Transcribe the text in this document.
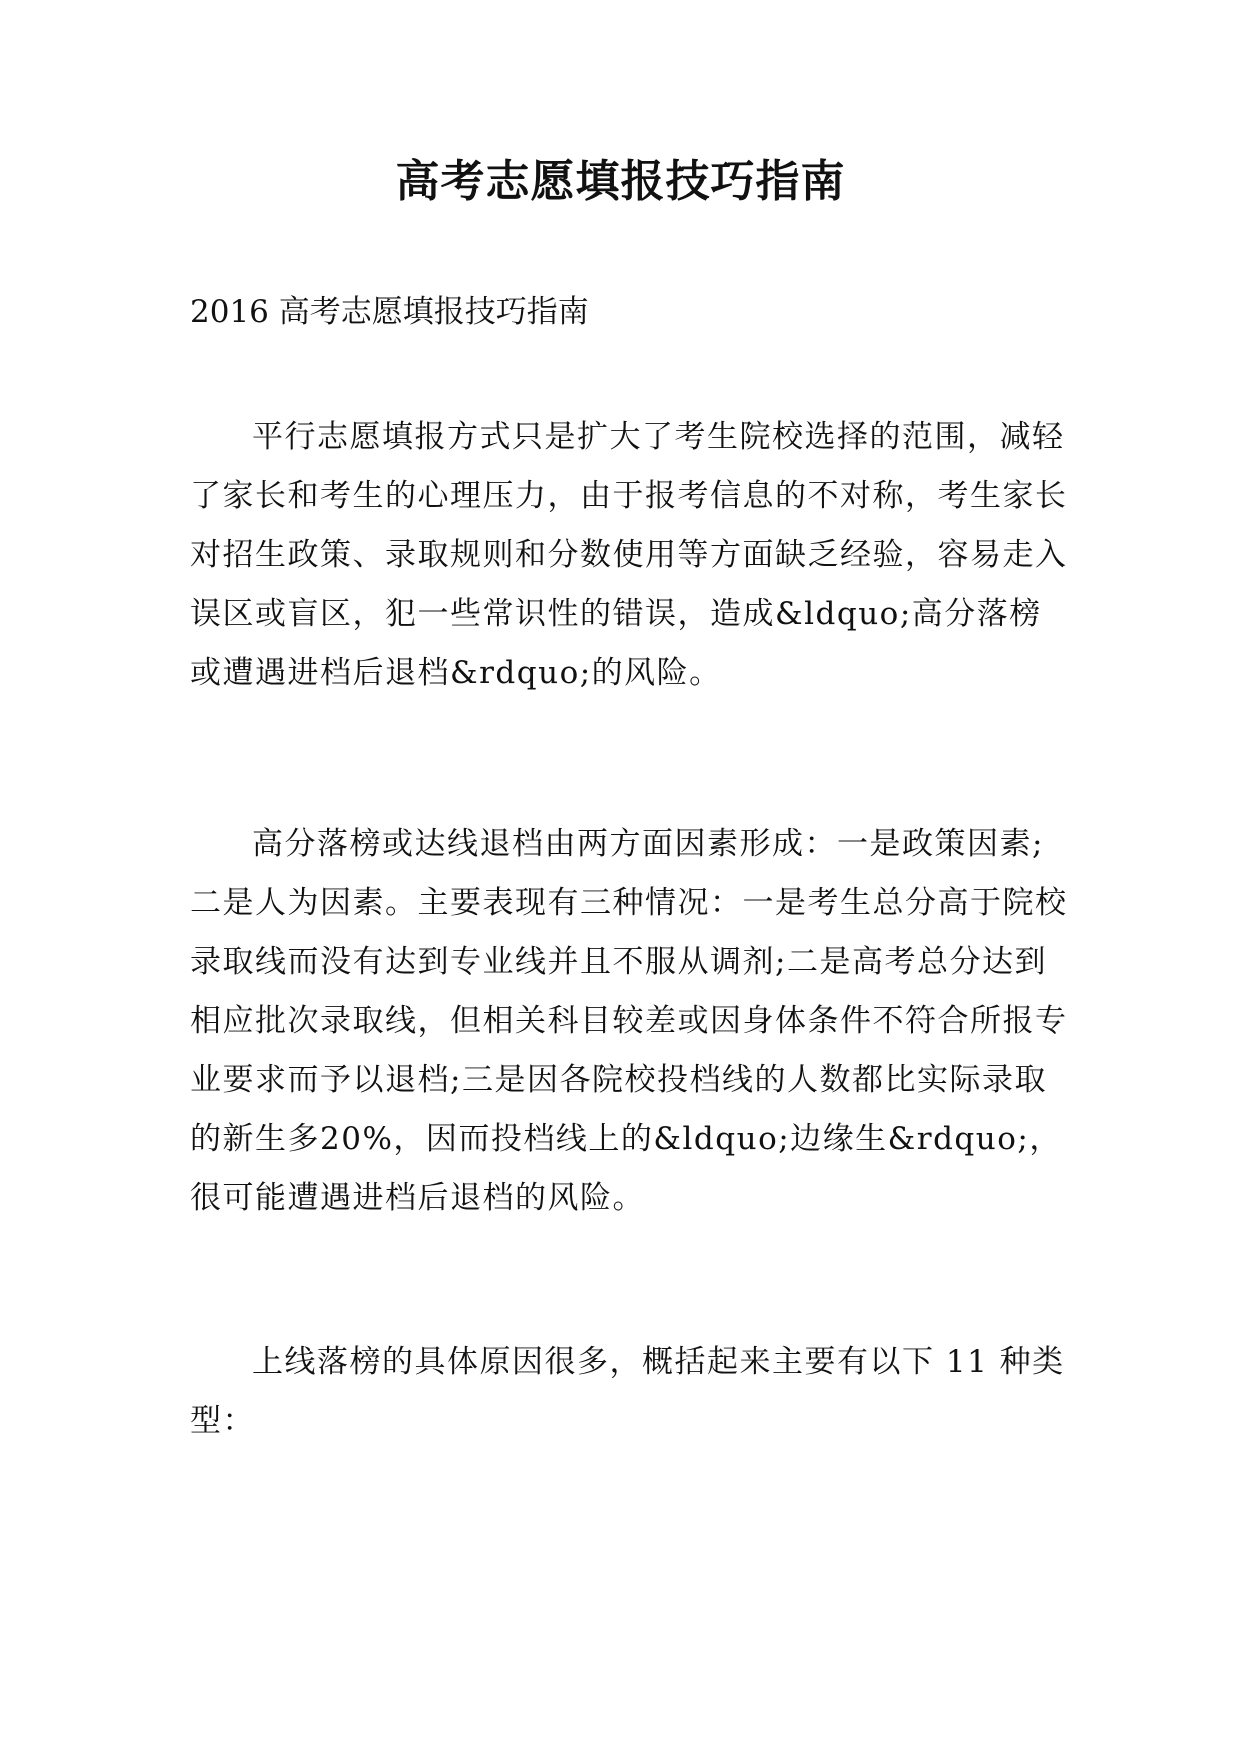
高考志愿填报技巧指南

2016 高考志愿填报技巧指南

平行志愿填报方式只是扩大了考生院校选择的范围，减轻了家长和考生的心理压力，由于报考信息的不对称，考生家长对招生政策、录取规则和分数使用等方面缺乏经验，容易走入误区或盲区，犯一些常识性的错误，造成&ldquo;高分落榜或遭遇进档后退档&rdquo;的风险。

高分落榜或达线退档由两方面因素形成：一是政策因素;二是人为因素。主要表现有三种情况：一是考生总分高于院校录取线而没有达到专业线并且不服从调剂;二是高考总分达到相应批次录取线，但相关科目较差或因身体条件不符合所报专业要求而予以退档;三是因各院校投档线的人数都比实际录取的新生多20%，因而投档线上的&ldquo;边缘生&rdquo;，很可能遭遇进档后退档的风险。

上线落榜的具体原因很多，概括起来主要有以下 11 种类型：
